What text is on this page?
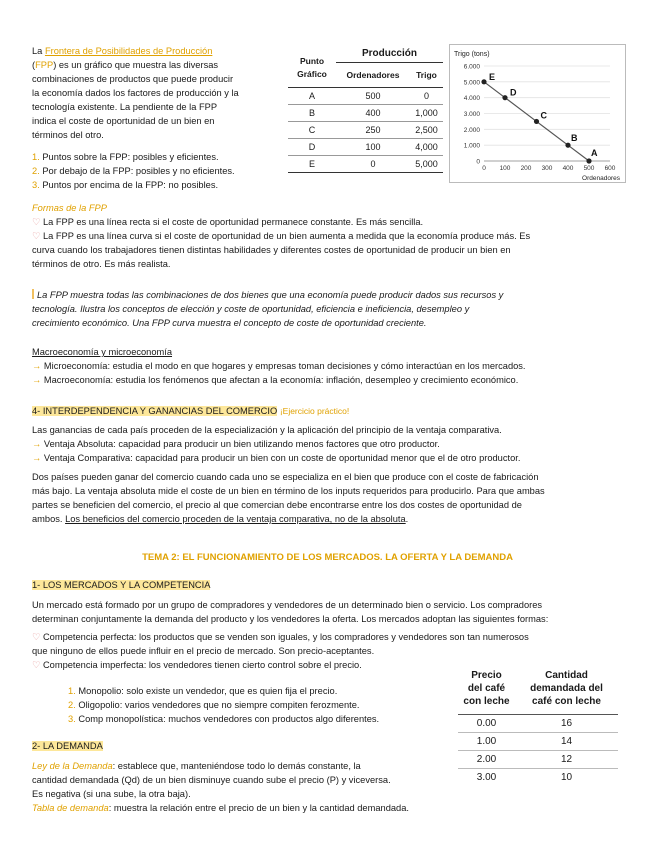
La Frontera de Posibilidades de Producción

(FPP) es un gráfico que muestra las diversas

combinaciones de productos que puede producir

la economía dados los factores de producción y la

tecnología existente. La pendiente de la FPP

indica el coste de oportunidad de un bien en

términos del otro.

1. Puntos sobre la FPP: posibles y eficientes.

2. Por debajo de la FPP: posibles y no eficientes.

3. Puntos por encima de la FPP: no posibles.

Punto
Gráfico	Producción	
	Ordenadores	Trigo
A	500	0
B	400	1,000
C	250	2,500
D	100	4,000
E	0	5,000
Trigo (tons)
Ordenadores
6.000
5.000
4.000
3.000
2.000
1.000
0
0 100 200 300 400 500 600
E
D
C
B
A

Formas de la FPP

♡ La FPP es una línea recta si el coste de oportunidad permanece constante. Es más sencilla.

♡ La FPP es una línea curva si el coste de oportunidad de un bien aumenta a medida que la economía produce más. Es

curva cuando los trabajadores tienen distintas habilidades y diferentes costes de oportunidad de producir un bien en

términos de otro. Es más realista.

La FPP muestra todas las combinaciones de dos bienes que una economía puede producir dados sus recursos y

tecnología. Ilustra los conceptos de elección y coste de oportunidad, eficiencia e ineficiencia, desempleo y

crecimiento económico. Una FPP curva muestra el concepto de coste de oportunidad creciente.

Macroeconomía y microeconomía

→ Microeconomía: estudia el modo en que hogares y empresas toman decisiones y cómo interactúan en los mercados.

→ Macroeconomía: estudia los fenómenos que afectan a la economía: inflación, desempleo y crecimiento económico.

4- INTERDEPENDENCIA Y GANANCIAS DEL COMERCIO ¡Ejercicio práctico!

Las ganancias de cada país proceden de la especialización y la aplicación del principio de la ventaja comparativa.

→ Ventaja Absoluta: capacidad para producir un bien utilizando menos factores que otro productor.

→ Ventaja Comparativa: capacidad para producir un bien con un coste de oportunidad menor que el de otro productor.

Dos países pueden ganar del comercio cuando cada uno se especializa en el bien que produce con el coste de fabricación

más bajo. La ventaja absoluta mide el coste de un bien en término de los inputs requeridos para producirlo. Para que ambas

partes se beneficien del comercio, el precio al que comercian debe encontrarse entre los dos costes de oportunidad de

ambos. Los beneficios del comercio proceden de la ventaja comparativa, no de la absoluta.

TEMA 2: EL FUNCIONAMIENTO DE LOS MERCADOS. LA OFERTA Y LA DEMANDA

1- LOS MERCADOS Y LA COMPETENCIA

Un mercado está formado por un grupo de compradores y vendedores de un determinado bien o servicio. Los compradores

determinan conjuntamente la demanda del producto y los vendedores la oferta. Los mercados adoptan las siguientes formas:

♡ Competencia perfecta: los productos que se venden son iguales, y los compradores y vendedores son tan numerosos

que ninguno de ellos puede influir en el precio de mercado. Son precio-aceptantes.

♡ Competencia imperfecta: los vendedores tienen cierto control sobre el precio.

1. Monopolio: solo existe un vendedor, que es quien fija el precio.

2. Oligopolio: varios vendedores que no siempre compiten ferozmente.

3. Comp monopolística: muchos vendedores con productos algo diferentes.

2- LA DEMANDA

Ley de la Demanda: establece que, manteniéndose todo lo demás constante, la

cantidad demandada (Qd) de un bien disminuye cuando sube el precio (P) y viceversa.

Es negativa (si una sube, la otra baja).

Tabla de demanda: muestra la relación entre el precio de un bien y la cantidad demandada.

Precio
del café
con leche	Cantidad
demandada del
café con leche
0.00	16
1.00	14
2.00	12
3.00	10
